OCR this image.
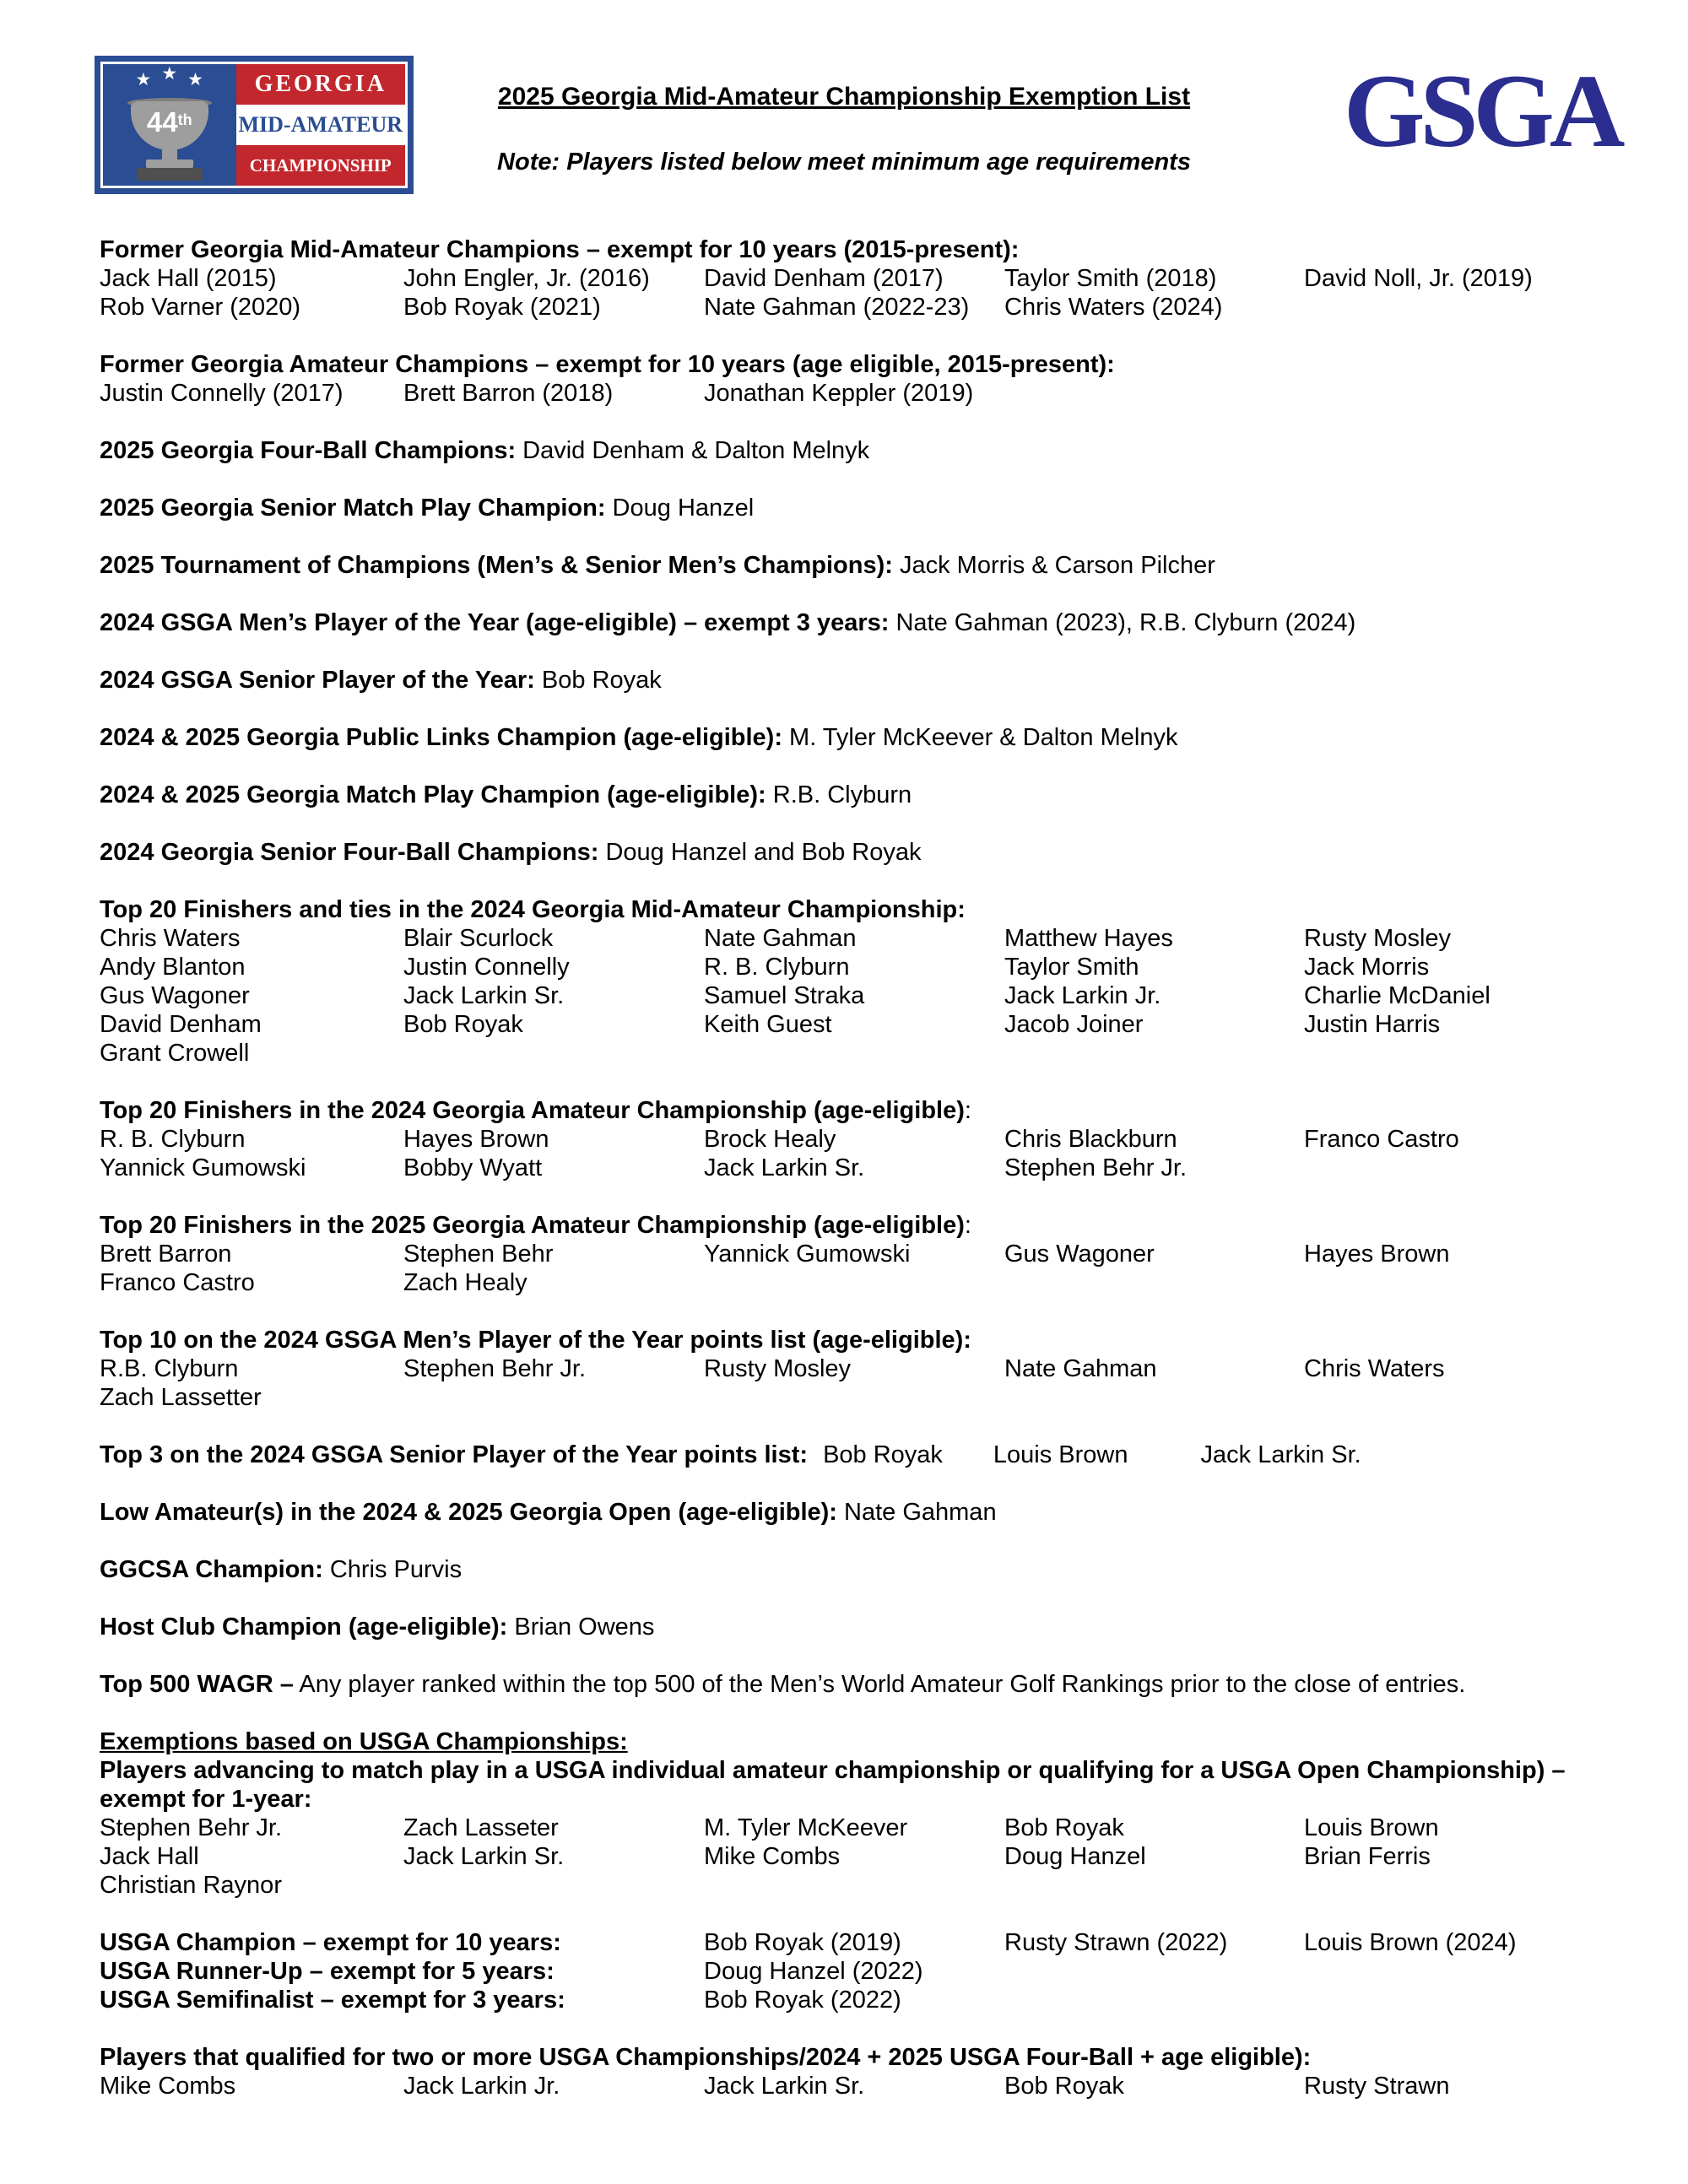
★ ★ ★
44th
GEORGIA
MID-AMATEUR
CHAMPIONSHIP
2025 Georgia Mid-Amateur Championship Exemption List
Note: Players listed below meet minimum age requirements	GSGA
Former Georgia Mid-Amateur Champions – exempt for 10 years (2015-present):
Jack Hall (2015)	John Engler, Jr. (2016)	David Denham (2017)	Taylor Smith (2018)	David Noll, Jr. (2019)
Rob Varner (2020)	Bob Royak (2021)	Nate Gahman (2022-23)	Chris Waters (2024)
Former Georgia Amateur Champions – exempt for 10 years (age eligible, 2015-present):
Justin Connelly (2017)	Brett Barron (2018)	Jonathan Keppler (2019)
2025 Georgia Four-Ball Champions: David Denham & Dalton Melnyk
2025 Georgia Senior Match Play Champion: Doug Hanzel
2025 Tournament of Champions (Men’s & Senior Men’s Champions): Jack Morris & Carson Pilcher
2024 GSGA Men’s Player of the Year (age-eligible) – exempt 3 years: Nate Gahman (2023), R.B. Clyburn (2024)
2024 GSGA Senior Player of the Year: Bob Royak
2024 & 2025 Georgia Public Links Champion (age-eligible): M. Tyler McKeever & Dalton Melnyk
2024 & 2025 Georgia Match Play Champion (age-eligible): R.B. Clyburn
2024 Georgia Senior Four-Ball Champions: Doug Hanzel and Bob Royak
Top 20 Finishers and ties in the 2024 Georgia Mid-Amateur Championship:
Chris Waters	Blair Scurlock	Nate Gahman	Matthew Hayes	Rusty Mosley
Andy Blanton	Justin Connelly	R. B. Clyburn	Taylor Smith	Jack Morris
Gus Wagoner	Jack Larkin Sr.	Samuel Straka	Jack Larkin Jr.	Charlie McDaniel
David Denham	Bob Royak	Keith Guest	Jacob Joiner	Justin Harris
Grant Crowell
Top 20 Finishers in the 2024 Georgia Amateur Championship (age-eligible):
R. B. Clyburn	Hayes Brown	Brock Healy	Chris Blackburn	Franco Castro
Yannick Gumowski	Bobby Wyatt	Jack Larkin Sr.	Stephen Behr Jr.
Top 20 Finishers in the 2025 Georgia Amateur Championship (age-eligible):
Brett Barron	Stephen Behr	Yannick Gumowski	Gus Wagoner	Hayes Brown
Franco Castro	Zach Healy
Top 10 on the 2024 GSGA Men’s Player of the Year points list (age-eligible):
R.B. Clyburn	Stephen Behr Jr.	Rusty Mosley	Nate Gahman	Chris Waters
Zach Lassetter
Top 3 on the 2024 GSGA Senior Player of the Year points list: Bob Royak Louis Brown	Jack Larkin Sr.
Low Amateur(s) in the 2024 & 2025 Georgia Open (age-eligible): Nate Gahman
GGCSA Champion: Chris Purvis
Host Club Champion (age-eligible): Brian Owens
Top 500 WAGR – Any player ranked within the top 500 of the Men’s World Amateur Golf Rankings prior to the close of entries.
Exemptions based on USGA Championships:
Players advancing to match play in a USGA individual amateur championship or qualifying for a USGA Open Championship) – exempt for 1-year:
Stephen Behr Jr.	Zach Lasseter	M. Tyler McKeever	Bob Royak	Louis Brown
Jack Hall	Jack Larkin Sr.	Mike Combs	Doug Hanzel	Brian Ferris
Christian Raynor
USGA Champion – exempt for 10 years:	Bob Royak (2019)	Rusty Strawn (2022)	Louis Brown (2024)
USGA Runner-Up – exempt for 5 years:	Doug Hanzel (2022)
USGA Semifinalist – exempt for 3 years:	Bob Royak (2022)
Players that qualified for two or more USGA Championships/2024 + 2025 USGA Four-Ball + age eligible):
Mike Combs	Jack Larkin Jr.	Jack Larkin Sr.	Bob Royak	Rusty Strawn
